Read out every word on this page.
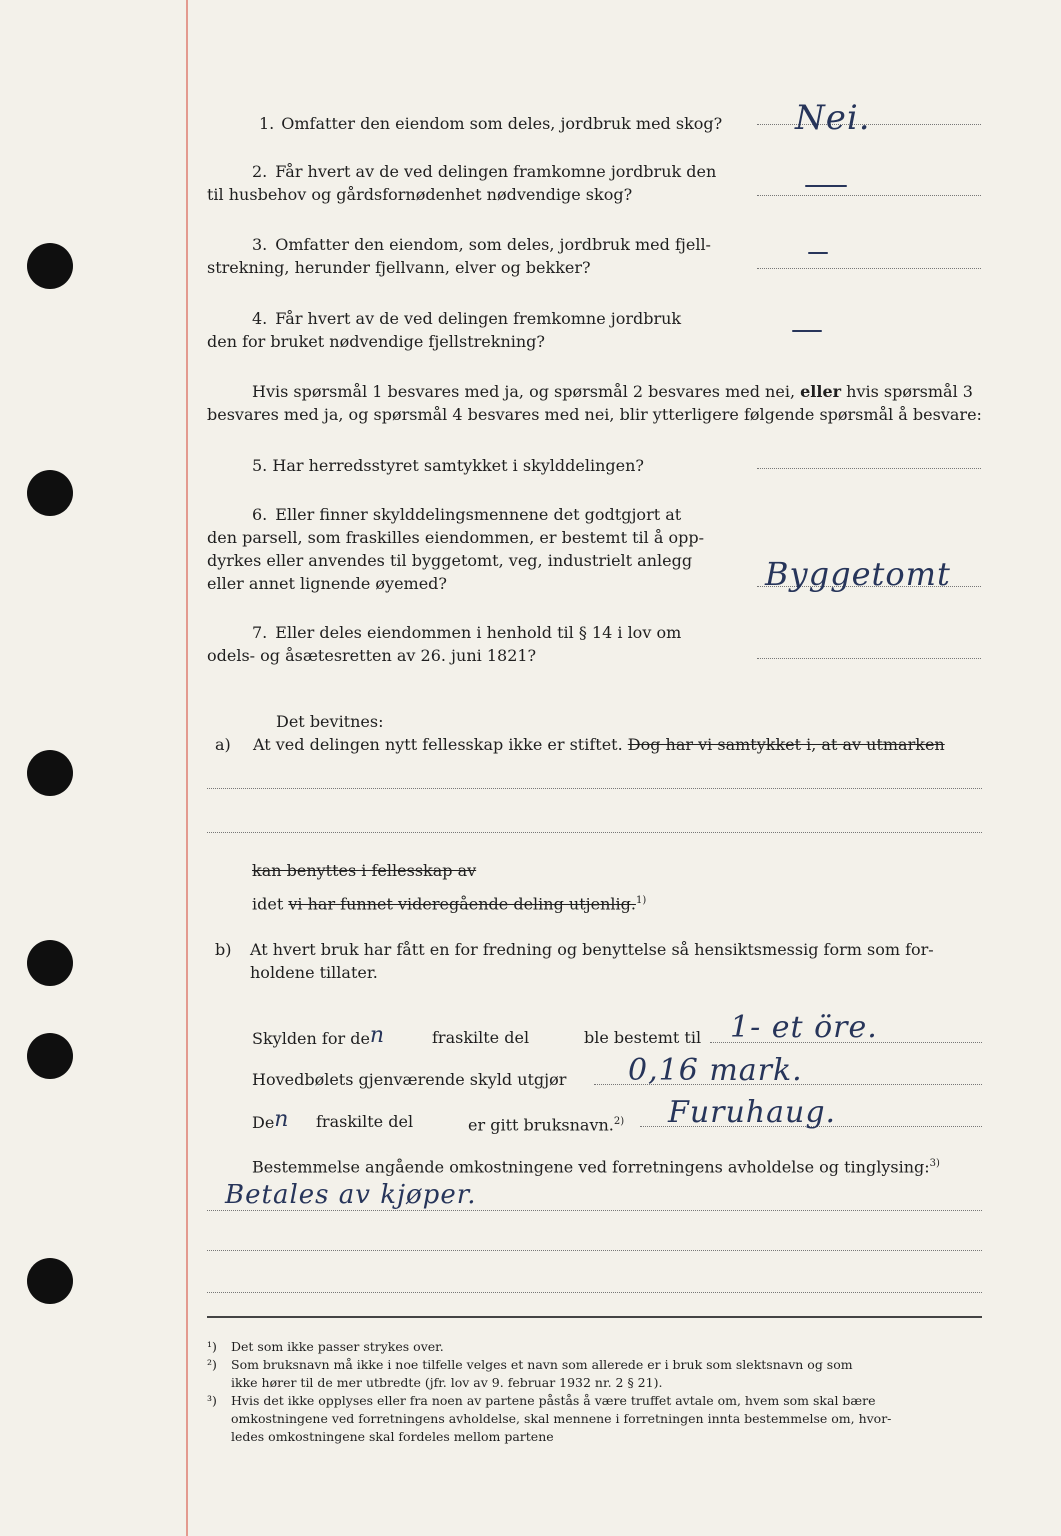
1. Omfatter den eiendom som deles, jordbruk med skog? Nei.
2. Får hvert av de ved delingen framkomne jordbruk den
til husbehov og gårdsfornødenhet nødvendige skog?
3. Omfatter den eiendom, som deles, jordbruk med fjell-
strekning, herunder fjellvann, elver og bekker?
4. Får hvert av de ved delingen fremkomne jordbruk
den for bruket nødvendige fjellstrekning?
Hvis spørsmål 1 besvares med ja, og spørsmål 2 besvares med nei, eller hvis spørsmål 3
besvares med ja, og spørsmål 4 besvares med nei, blir ytterligere følgende spørsmål å besvare:
5. Har herredsstyret samtykket i skylddelingen?
6. Eller finner skylddelingsmennene det godtgjort at
den parsell, som fraskilles eiendommen, er bestemt til å opp-
dyrkes eller anvendes til byggetomt, veg, industrielt anlegg
eller annet lignende øyemed?	Byggetomt
7. Eller deles eiendommen i henhold til § 14 i lov om
odels- og åsætesretten av 26. juni 1821?
Det bevitnes:
a) At ved delingen nytt fellesskap ikke er stiftet. Dog har vi samtykket i, at av utmarken
kan benyttes i fellesskap av
idet vi har funnet videregående deling utjenlig.$^{1)}$
b) At hvert bruk har fått en for fredning og benyttelse så hensiktsmessig form som for-
holdene tillater.
Skylden for den	fraskilte del	ble bestemt til 1- et öre.
Hovedbølets gjenværende skyld utgjør 0,16 mark.
Den fraskilte del	er gitt bruksnavn.$^{2)}$ Furuhaug.
Bestemmelse angående omkostningene ved forretningens avholdelse og tinglysing:$^{3)}$
Betales av kjøper.
¹)	Det som ikke passer strykes over.
²)	Som bruksnavn må ikke i noe tilfelle velges et navn som allerede er i bruk som slektsnavn og som
ikke hører til de mer utbredte (jfr. lov av 9. februar 1932 nr. 2 § 21).
³)	Hvis det ikke opplyses eller fra noen av partene påstås å være truffet avtale om, hvem som skal bære
omkostningene ved forretningens avholdelse, skal mennene i forretningen innta bestemmelse om, hvor-
ledes omkostningene skal fordeles mellom partene
